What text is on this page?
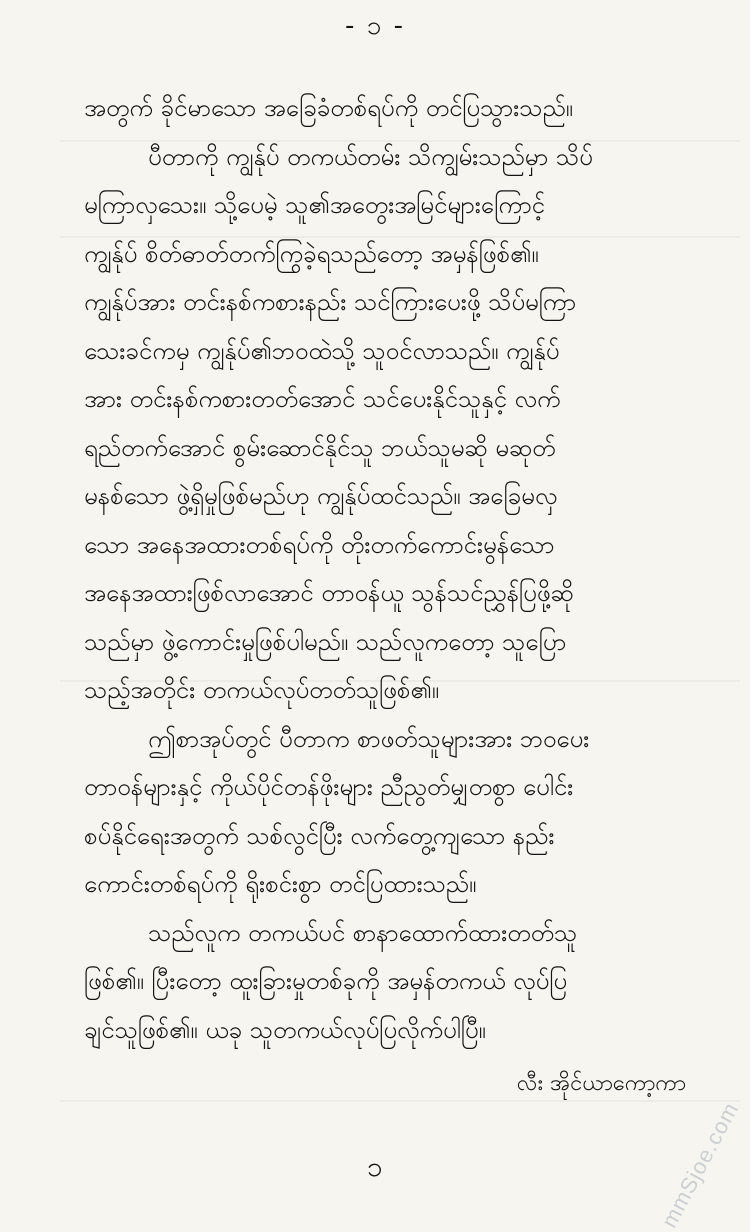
- ၁ -
အတွက် ခိုင်မာသော အခြေခံတစ်ရပ်ကို တင်ပြသွားသည်။
ပီတာကို ကျွန်ုပ် တကယ်တမ်း သိကျွမ်းသည်မှာ သိပ်
မကြာလှသေး။ သို့ပေမဲ့ သူ၏အတွေးအမြင်များကြောင့်
ကျွန်ုပ် စိတ်ဓာတ်တက်ကြွခဲ့ရသည်တော့ အမှန်ဖြစ်၏။
ကျွန်ုပ်အား တင်းနစ်ကစားနည်း သင်ကြားပေးဖို့ သိပ်မကြာ
သေးခင်ကမှ ကျွန်ုပ်၏ဘဝထဲသို့ သူဝင်လာသည်။ ကျွန်ုပ်
အား တင်းနစ်ကစားတတ်အောင် သင်ပေးနိုင်သူနှင့် လက်
ရည်တက်အောင် စွမ်းဆောင်နိုင်သူ ဘယ်သူမဆို မဆုတ်
မနစ်သော ဖွဲ့ရှိမှုဖြစ်မည်ဟု ကျွန်ုပ်ထင်သည်။ အခြေမလှ
သော အနေအထားတစ်ရပ်ကို တိုးတက်ကောင်းမွန်သော
အနေအထားဖြစ်လာအောင် တာဝန်ယူ သွန်သင်ညွှန်ပြဖို့ဆို
သည်မှာ ဖွဲ့ကောင်းမှုဖြစ်ပါမည်။ သည်လူကတော့ သူပြော
သည့်အတိုင်း တကယ်လုပ်တတ်သူဖြစ်၏။
ဤစာအုပ်တွင် ပီတာက စာဖတ်သူများအား ဘဝပေး
တာဝန်များနှင့် ကိုယ်ပိုင်တန်ဖိုးများ ညီညွတ်မျှတစွာ ပေါင်း
စပ်နိုင်ရေးအတွက် သစ်လွင်ပြီး လက်တွေ့ကျသော နည်း
ကောင်းတစ်ရပ်ကို ရိုးစင်းစွာ တင်ပြထားသည်။
သည်လူက တကယ်ပင် စာနာထောက်ထားတတ်သူ
ဖြစ်၏။ ပြီးတော့ ထူးခြားမှုတစ်ခုကို အမှန်တကယ် လုပ်ပြ
ချင်သူဖြစ်၏။ ယခု သူတကယ်လုပ်ပြလိုက်ပါပြီ။
လီး အိုင်ယာကော့ကာ
mmSjoe.com
၁
